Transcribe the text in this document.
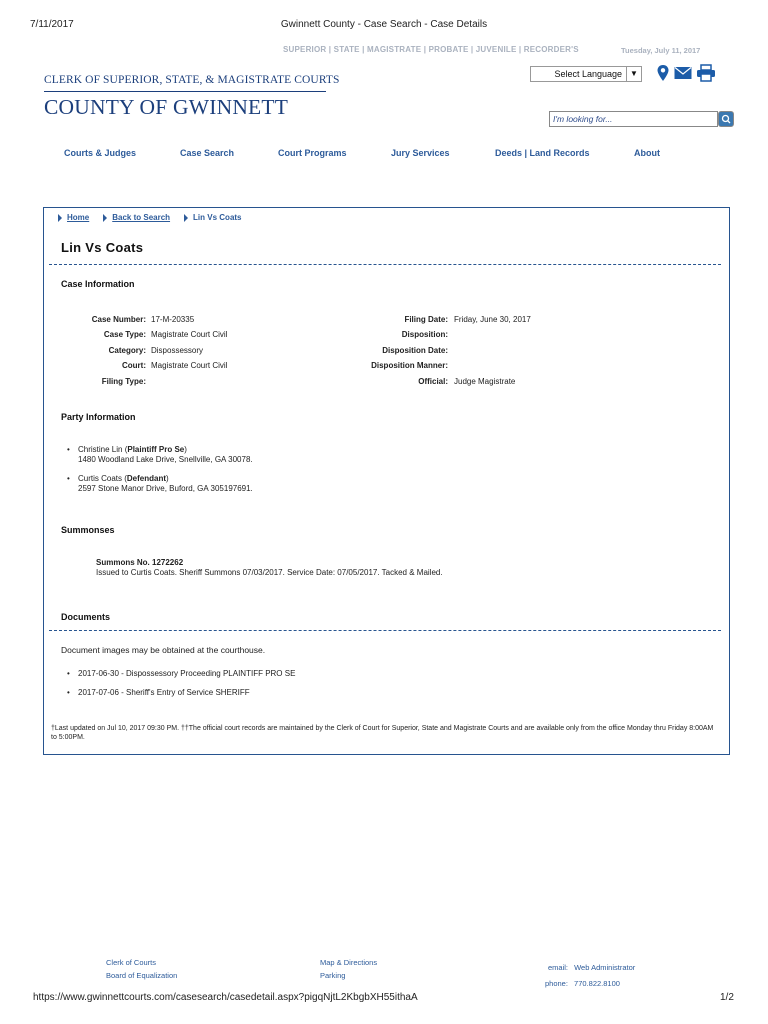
7/11/2017	Gwinnett County - Case Search - Case Details
SUPERIOR | STATE | MAGISTRATE | PROBATE | JUVENILE | RECORDER'S	Tuesday, July 11, 2017
CLERK OF SUPERIOR, STATE, & MAGISTRATE COURTS
COUNTY OF GWINNETT
Select Language	▼
I'm looking for...
Courts & Judges	Case Search	Court Programs	Jury Services	Deeds | Land Records	About
Home	Back to Search	Lin Vs Coats
Lin Vs Coats
Case Information
Case Number: 17-M-20335
Case Type: Magistrate Court Civil
Category: Dispossessory
Court: Magistrate Court Civil
Filing Type:
Filing Date: Friday, June 30, 2017
Disposition:
Disposition Date:
Disposition Manner:
Official: Judge Magistrate
Party Information
• Christine Lin (Plaintiff Pro Se)
1480 Woodland Lake Drive, Snellville, GA 30078.
• Curtis Coats (Defendant)
2597 Stone Manor Drive, Buford, GA 305197691.
Summonses
Summons No. 1272262
Issued to Curtis Coats. Sheriff Summons 07/03/2017. Service Date: 07/05/2017. Tacked & Mailed.
Documents
Document images may be obtained at the courthouse.
• 2017-06-30 - Dispossessory Proceeding PLAINTIFF PRO SE
• 2017-07-06 - Sheriff's Entry of Service SHERIFF
†Last updated on Jul 10, 2017 09:30 PM. ††The official court records are maintained by the Clerk of Court for Superior, State and Magistrate Courts and are available only from the office Monday thru Friday 8:00AM to 5:00PM.
Clerk of Courts
Board of Equalization
Map & Directions
Parking
email: Web Administrator
phone: 770.822.8100
https://www.gwinnettcourts.com/casesearch/casedetail.aspx?pigqNjtL2KbgbXH55ithaA	1/2
